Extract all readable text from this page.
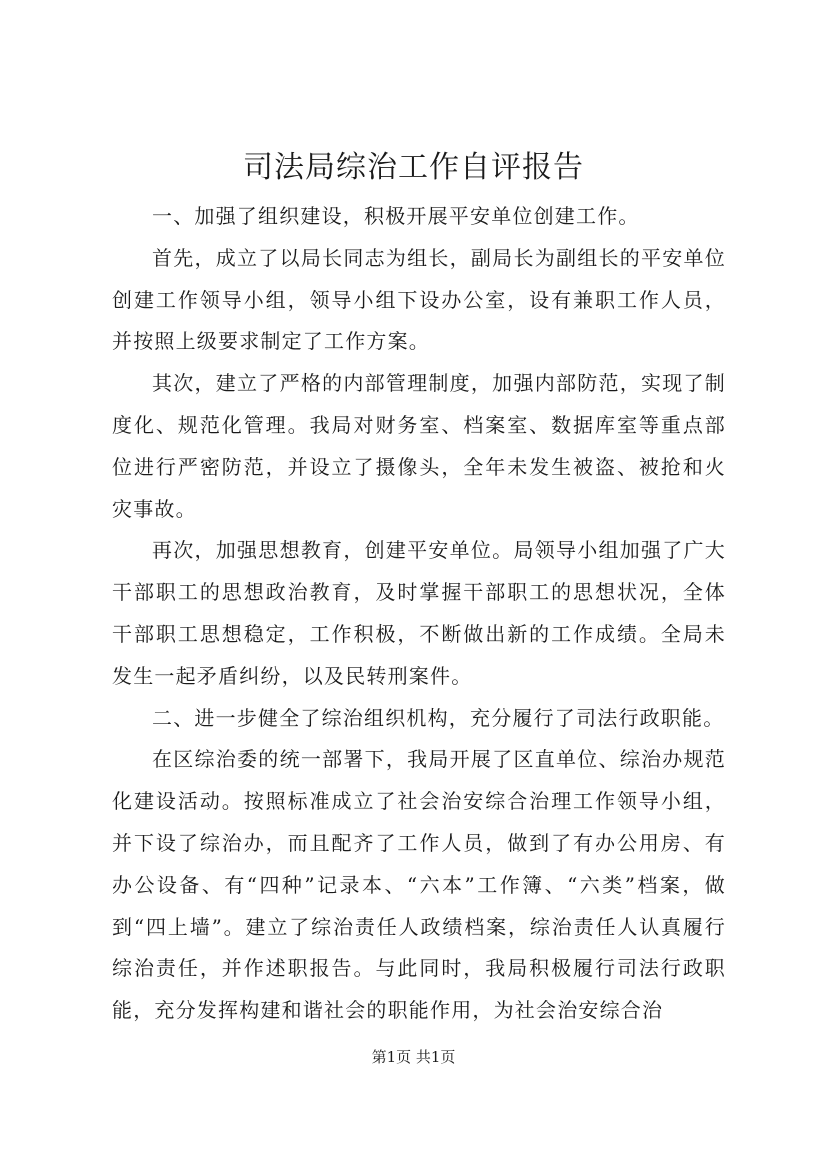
司法局综治工作自评报告

一、加强了组织建设，积极开展平安单位创建工作。

首先，成立了以局长同志为组长，副局长为副组长的平安单位创建工作领导小组，领导小组下设办公室，设有兼职工作人员，并按照上级要求制定了工作方案。

其次，建立了严格的内部管理制度，加强内部防范，实现了制度化、规范化管理。我局对财务室、档案室、数据库室等重点部位进行严密防范，并设立了摄像头，全年未发生被盗、被抢和火灾事故。

再次，加强思想教育，创建平安单位。局领导小组加强了广大干部职工的思想政治教育，及时掌握干部职工的思想状况，全体干部职工思想稳定，工作积极，不断做出新的工作成绩。全局未发生一起矛盾纠纷，以及民转刑案件。

二、进一步健全了综治组织机构，充分履行了司法行政职能。

在区综治委的统一部署下，我局开展了区直单位、综治办规范化建设活动。按照标准成立了社会治安综合治理工作领导小组，并下设了综治办，而且配齐了工作人员，做到了有办公用房、有办公设备、有“四种”记录本、“六本”工作簿、“六类”档案，做到“四上墙”。建立了综治责任人政绩档案，综治责任人认真履行综治责任，并作述职报告。与此同时，我局积极履行司法行政职能，充分发挥构建和谐社会的职能作用，为社会治安综合治

第1页 共1页
